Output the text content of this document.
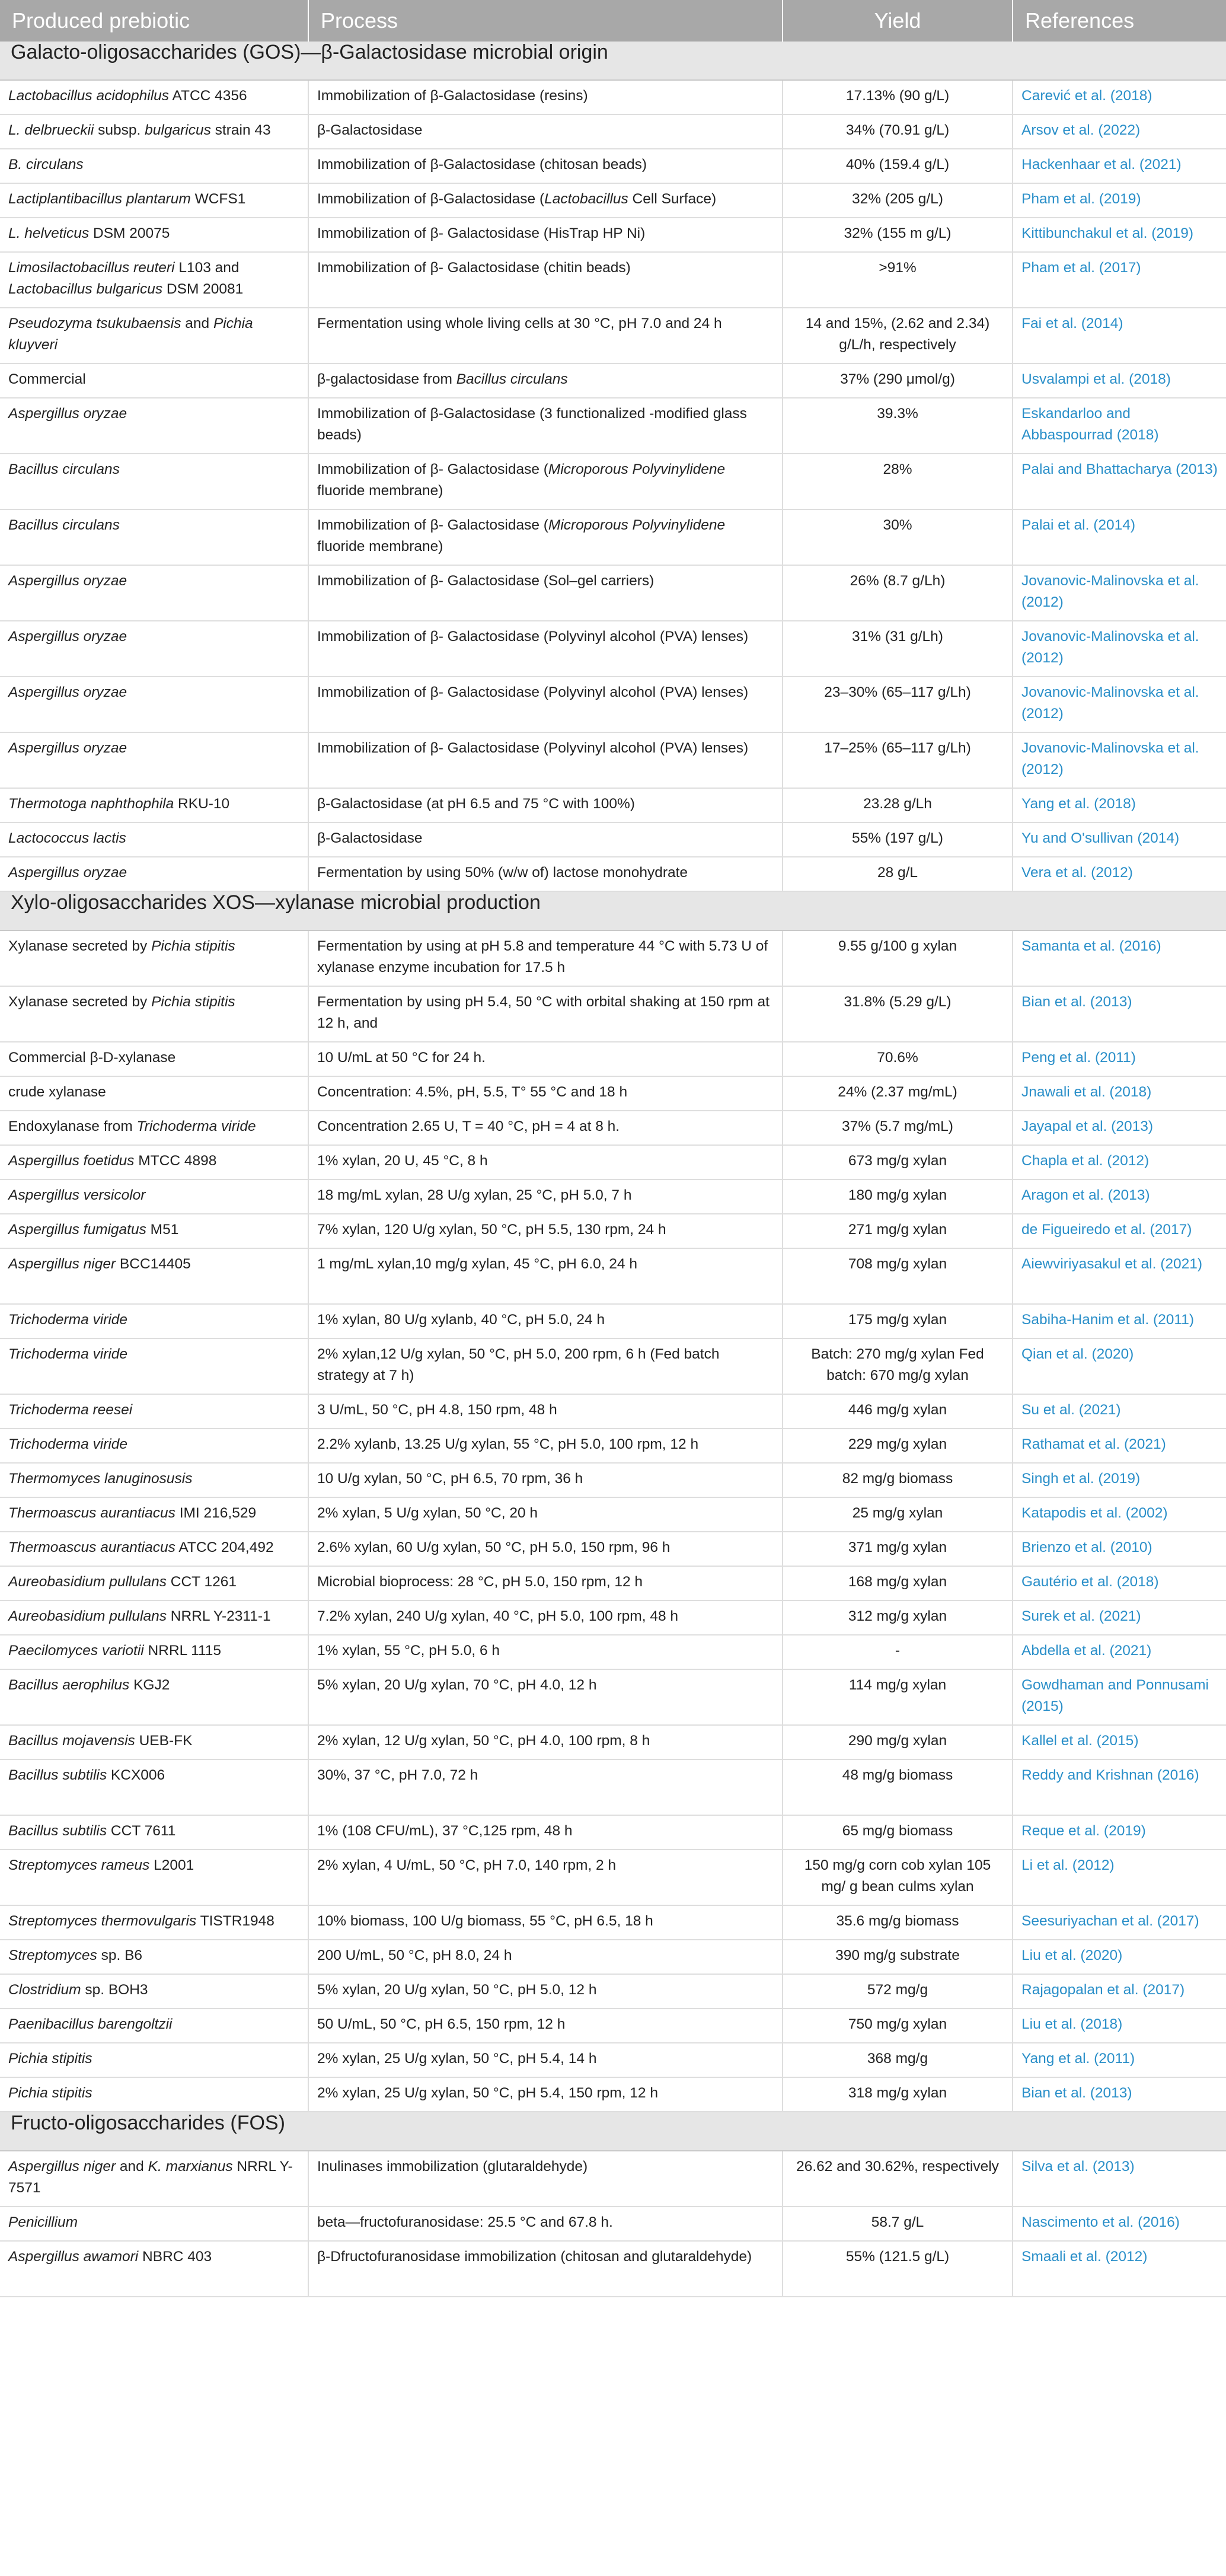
Produced prebiotic	Process	Yield	References
Galacto-oligosaccharides (GOS)—β-Galactosidase microbial origin			
Lactobacillus acidophilus ATCC 4356	Immobilization of β-Galactosidase (resins)	17.13% (90 g/L)	Carević et al. (2018)
L. delbrueckii subsp. bulgaricus strain 43	β-Galactosidase	34% (70.91 g/L)	Arsov et al. (2022)
B. circulans	Immobilization of β-Galactosidase (chitosan beads)	40% (159.4 g/L)	Hackenhaar et al. (2021)
Lactiplantibacillus plantarum WCFS1	Immobilization of β-Galactosidase (Lactobacillus Cell Surface)	32% (205 g/L)	Pham et al. (2019)
L. helveticus DSM 20075	Immobilization of β- Galactosidase (HisTrap HP Ni)	32% (155 m g/L)	Kittibunchakul et al. (2019)
Limosilactobacillus reuteri L103 and Lactobacillus bulgaricus DSM 20081	Immobilization of β- Galactosidase (chitin beads)	>91%	Pham et al. (2017)
Pseudozyma tsukubaensis and Pichia kluyveri	Fermentation using whole living cells at 30 °C, pH 7.0 and 24 h	14 and 15%, (2.62 and 2.34) g/L/h, respectively	Fai et al. (2014)
Commercial	β-galactosidase from Bacillus circulans	37% (290 μmol/g)	Usvalampi et al. (2018)
Aspergillus oryzae	Immobilization of β-Galactosidase (3 functionalized -modified glass beads)	39.3%	Eskandarloo and Abbaspourrad (2018)
Bacillus circulans	Immobilization of β- Galactosidase (Microporous Polyvinylidene fluoride membrane)	28%	Palai and Bhattacharya (2013)
Bacillus circulans	Immobilization of β- Galactosidase (Microporous Polyvinylidene fluoride membrane)	30%	Palai et al. (2014)
Aspergillus oryzae	Immobilization of β- Galactosidase (Sol–gel carriers)	26% (8.7 g/Lh)	Jovanovic-Malinovska et al. (2012)
Aspergillus oryzae	Immobilization of β- Galactosidase (Polyvinyl alcohol (PVA) lenses)	31% (31 g/Lh)	Jovanovic-Malinovska et al. (2012)
Aspergillus oryzae	Immobilization of β- Galactosidase (Polyvinyl alcohol (PVA) lenses)	23–30% (65–117 g/Lh)	Jovanovic-Malinovska et al. (2012)
Aspergillus oryzae	Immobilization of β- Galactosidase (Polyvinyl alcohol (PVA) lenses)	17–25% (65–117 g/Lh)	Jovanovic-Malinovska et al. (2012)
Thermotoga naphthophila RKU-10	β-Galactosidase (at pH 6.5 and 75 °C with 100%)	23.28 g/Lh	Yang et al. (2018)
Lactococcus lactis	β-Galactosidase	55% (197 g/L)	Yu and O'sullivan (2014)
Aspergillus oryzae	Fermentation by using 50% (w/w of) lactose monohydrate	28 g/L	Vera et al. (2012)
Xylo-oligosaccharides XOS—xylanase microbial production			
Xylanase secreted by Pichia stipitis	Fermentation by using at pH 5.8 and temperature 44 °C with 5.73 U of xylanase enzyme incubation for 17.5 h	9.55 g/100 g xylan	Samanta et al. (2016)
Xylanase secreted by Pichia stipitis	Fermentation by using pH 5.4, 50 °C with orbital shaking at 150 rpm at 12 h, and	31.8% (5.29 g/L)	Bian et al. (2013)
Commercial β-D-xylanase	10 U/mL at 50 °C for 24 h.	70.6%	Peng et al. (2011)
crude xylanase	Concentration: 4.5%, pH, 5.5, T° 55 °C and 18 h	24% (2.37 mg/mL)	Jnawali et al. (2018)
Endoxylanase from Trichoderma viride	Concentration 2.65 U, T = 40 °C, pH = 4 at 8 h.	37% (5.7 mg/mL)	Jayapal et al. (2013)
Aspergillus foetidus MTCC 4898	1% xylan, 20 U, 45 °C, 8 h	673 mg/g xylan	Chapla et al. (2012)
Aspergillus versicolor	18 mg/mL xylan, 28 U/g xylan, 25 °C, pH 5.0, 7 h	180 mg/g xylan	Aragon et al. (2013)
Aspergillus fumigatus M51	7% xylan, 120 U/g xylan, 50 °C, pH 5.5, 130 rpm, 24 h	271 mg/g xylan	de Figueiredo et al. (2017)
Aspergillus niger BCC14405	1 mg/mL xylan,10 mg/g xylan, 45 °C, pH 6.0, 24 h	708 mg/g xylan	Aiewviriyasakul et al. (2021)
Trichoderma viride	1% xylan, 80 U/g xylanb, 40 °C, pH 5.0, 24 h	175 mg/g xylan	Sabiha-Hanim et al. (2011)
Trichoderma viride	2% xylan,12 U/g xylan, 50 °C, pH 5.0, 200 rpm, 6 h (Fed batch strategy at 7 h)	Batch: 270 mg/g xylan Fed batch: 670 mg/g xylan	Qian et al. (2020)
Trichoderma reesei	3 U/mL, 50 °C, pH 4.8, 150 rpm, 48 h	446 mg/g xylan	Su et al. (2021)
Trichoderma viride	2.2% xylanb, 13.25 U/g xylan, 55 °C, pH 5.0, 100 rpm, 12 h	229 mg/g xylan	Rathamat et al. (2021)
Thermomyces lanuginosusis	10 U/g xylan, 50 °C, pH 6.5, 70 rpm, 36 h	82 mg/g biomass	Singh et al. (2019)
Thermoascus aurantiacus IMI 216,529	2% xylan, 5 U/g xylan, 50 °C, 20 h	25 mg/g xylan	Katapodis et al. (2002)
Thermoascus aurantiacus ATCC 204,492	2.6% xylan, 60 U/g xylan, 50 °C, pH 5.0, 150 rpm, 96 h	371 mg/g xylan	Brienzo et al. (2010)
Aureobasidium pullulans CCT 1261	Microbial bioprocess: 28 °C, pH 5.0, 150 rpm, 12 h	168 mg/g xylan	Gautério et al. (2018)
Aureobasidium pullulans NRRL Y-2311-1	7.2% xylan, 240 U/g xylan, 40 °C, pH 5.0, 100 rpm, 48 h	312 mg/g xylan	Surek et al. (2021)
Paecilomyces variotii NRRL 1115	1% xylan, 55 °C, pH 5.0, 6 h	-	Abdella et al. (2021)
Bacillus aerophilus KGJ2	5% xylan, 20 U/g xylan, 70 °C, pH 4.0, 12 h	114 mg/g xylan	Gowdhaman and Ponnusami (2015)
Bacillus mojavensis UEB-FK	2% xylan, 12 U/g xylan, 50 °C, pH 4.0, 100 rpm, 8 h	290 mg/g xylan	Kallel et al. (2015)
Bacillus subtilis KCX006	30%, 37 °C, pH 7.0, 72 h	48 mg/g biomass	Reddy and Krishnan (2016)
Bacillus subtilis CCT 7611	1% (108 CFU/mL), 37 °C,125 rpm, 48 h	65 mg/g biomass	Reque et al. (2019)
Streptomyces rameus L2001	2% xylan, 4 U/mL, 50 °C, pH 7.0, 140 rpm, 2 h	150 mg/g corn cob xylan 105 mg/ g bean culms xylan	Li et al. (2012)
Streptomyces thermovulgaris TISTR1948	10% biomass, 100 U/g biomass, 55 °C, pH 6.5, 18 h	35.6 mg/g biomass	Seesuriyachan et al. (2017)
Streptomyces sp. B6	200 U/mL, 50 °C, pH 8.0, 24 h	390 mg/g substrate	Liu et al. (2020)
Clostridium sp. BOH3	5% xylan, 20 U/g xylan, 50 °C, pH 5.0, 12 h	572 mg/g	Rajagopalan et al. (2017)
Paenibacillus barengoltzii	50 U/mL, 50 °C, pH 6.5, 150 rpm, 12 h	750 mg/g xylan	Liu et al. (2018)
Pichia stipitis	2% xylan, 25 U/g xylan, 50 °C, pH 5.4, 14 h	368 mg/g	Yang et al. (2011)
Pichia stipitis	2% xylan, 25 U/g xylan, 50 °C, pH 5.4, 150 rpm, 12 h	318 mg/g xylan	Bian et al. (2013)
Fructo-oligosaccharides (FOS)			
Aspergillus niger and K. marxianus NRRL Y-7571	Inulinases immobilization (glutaraldehyde)	26.62 and 30.62%, respectively	Silva et al. (2013)
Penicillium	beta—fructofuranosidase: 25.5 °C and 67.8 h.	58.7 g/L	Nascimento et al. (2016)
Aspergillus awamori NBRC 403	β-Dfructofuranosidase immobilization (chitosan and glutaraldehyde)	55% (121.5 g/L)	Smaali et al. (2012)
